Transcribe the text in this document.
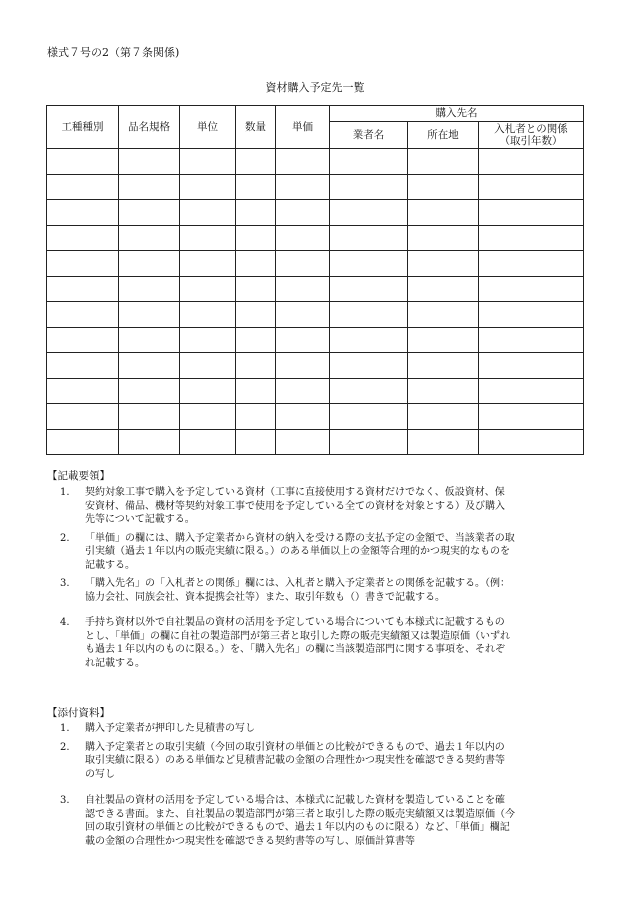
様式７号の2（第７条関係)
資材購入予定先一覧
工種種別	品名規格	単位	数量	単価	購入先名		
					業者名	所在地	入札者との関係
（取引年数）

【記載要領】
1. 契約対象工事で購入を予定している資材（工事に直接使用する資材だけでなく、仮設資材、保
安資材、備品、機材等契約対象工事で使用を予定している全ての資材を対象とする）及び購入
先等について記載する。
2. 「単価」の欄には、購入予定業者から資材の納入を受ける際の支払予定の金額で、当該業者の取
引実績（過去１年以内の販売実績に限る。）のある単価以上の金額等合理的かつ現実的なものを
記載する。
3. 「購入先名」の「入札者との関係」欄には、入札者と購入予定業者との関係を記載する。（例：
協力会社、同族会社、資本提携会社等）また、取引年数も（）書きで記載する。
4. 手持ち資材以外で自社製品の資材の活用を予定している場合についても本様式に記載するもの
とし、「単価」の欄に自社の製造部門が第三者と取引した際の販売実績額又は製造原価（いずれ
も過去１年以内のものに限る。）を、「購入先名」の欄に当該製造部門に関する事項を、それぞ
れ記載する。
【添付資料】
1. 購入予定業者が押印した見積書の写し
2. 購入予定業者との取引実績（今回の取引資材の単価との比較ができるもので、過去１年以内の
取引実績に限る）のある単価など見積書記載の金額の合理性かつ現実性を確認できる契約書等
の写し
3. 自社製品の資材の活用を予定している場合は、本様式に記載した資材を製造していることを確
認できる書面。また、自社製品の製造部門が第三者と取引した際の販売実績額又は製造原価（今
回の取引資材の単価との比較ができるもので、過去１年以内のものに限る）など、「単価」欄記
載の金額の合理性かつ現実性を確認できる契約書等の写し、原価計算書等
